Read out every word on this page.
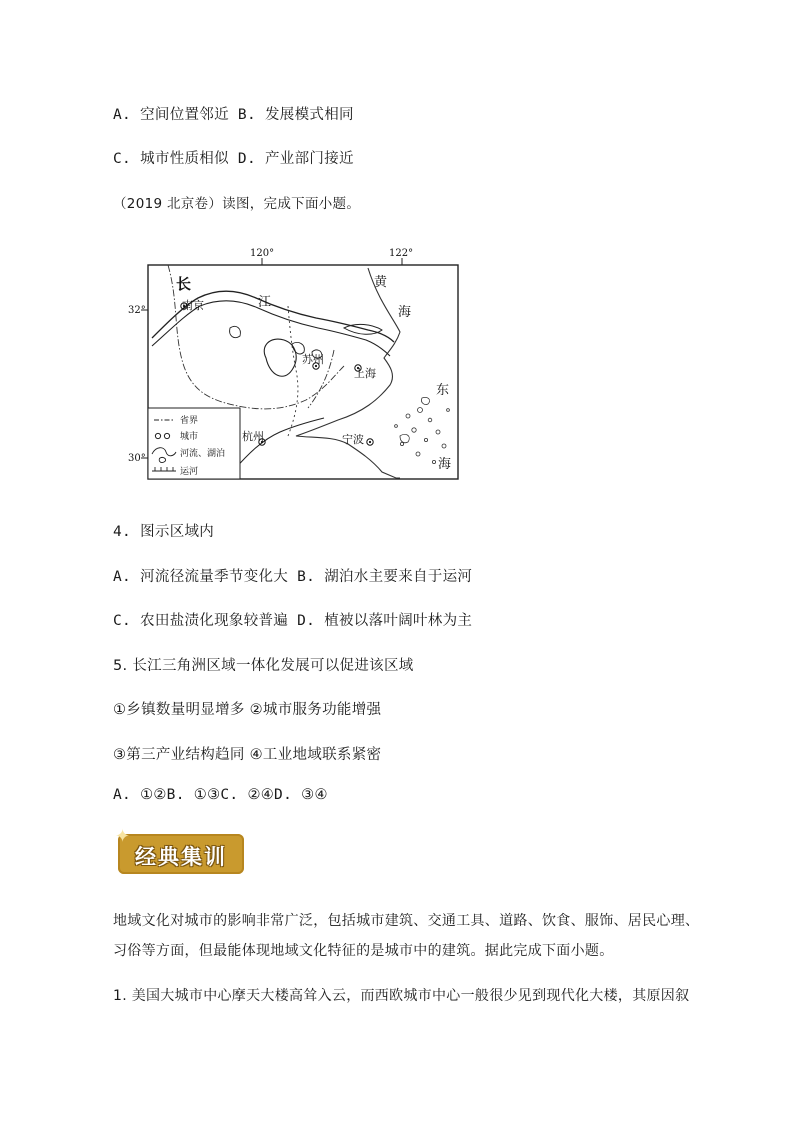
A. 空间位置邻近 B. 发展模式相同
C. 城市性质相似 D. 产业部门接近
（2019 北京卷）读图，完成下面小题。
120°	122°
32°
30°
长
江
黄
海
东
海
南京
苏州
上海
杭州	宁波
省界
城市
河流、湖泊
运河
4. 图示区域内
A. 河流径流量季节变化大 B. 湖泊水主要来自于运河
C. 农田盐渍化现象较普遍 D. 植被以落叶阔叶林为主
5. 长江三角洲区域一体化发展可以促进该区域
①乡镇数量明显增多 ②城市服务功能增强
③第三产业结构趋同 ④工业地域联系紧密
A. ①②B. ①③C. ②④D. ③④
✦
经典集训
地域文化对城市的影响非常广泛，包括城市建筑、交通工具、道路、饮食、服饰、居民心理、
习俗等方面，但最能体现地域文化特征的是城市中的建筑。据此完成下面小题。
1. 美国大城市中心摩天大楼高耸入云，而西欧城市中心一般很少见到现代化大楼，其原因叙
